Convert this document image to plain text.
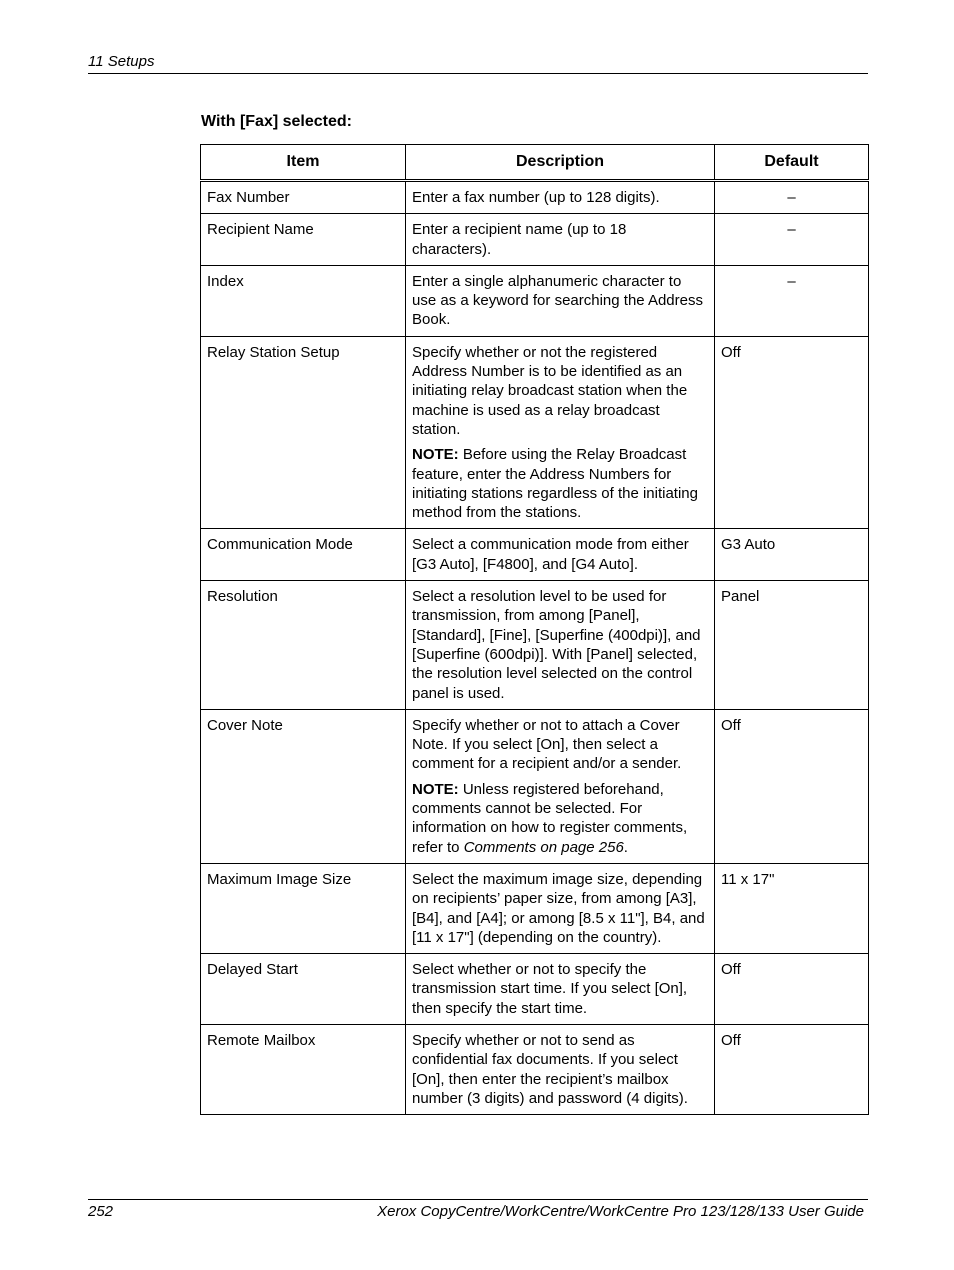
11 Setups
With [Fax] selected:
Item	Description	Default
Fax Number	Enter a fax number (up to 128 digits).	–
Recipient Name	Enter a recipient name (up to 18 characters).	–
Index	Enter a single alphanumeric character to use as a keyword for searching the Address Book.	–
Relay Station Setup	Specify whether or not the registered Address Number is to be identified as an initiating relay broadcast station when the machine is used as a relay broadcast station.

NOTE: Before using the Relay Broadcast feature, enter the Address Numbers for initiating stations regardless of the initiating method from the stations.	Off
Communication Mode	Select a communication mode from either [G3 Auto], [F4800], and [G4 Auto].	G3 Auto
Resolution	Select a resolution level to be used for transmission, from among [Panel], [Standard], [Fine], [Superfine (400dpi)], and [Superfine (600dpi)]. With [Panel] selected, the resolution level selected on the control panel is used.	Panel
Cover Note	Specify whether or not to attach a Cover Note. If you select [On], then select a comment for a recipient and/or a sender.

NOTE: Unless registered beforehand, comments cannot be selected. For information on how to register comments, refer to Comments on page 256.	Off
Maximum Image Size	Select the maximum image size, depending on recipients’ paper size, from among [A3], [B4], and [A4]; or among [8.5 x 11"], B4, and [11 x 17"] (depending on the country).	11 x 17"
Delayed Start	Select whether or not to specify the transmission start time. If you select [On], then specify the start time.	Off
Remote Mailbox	Specify whether or not to send as confidential fax documents. If you select [On], then enter the recipient’s mailbox number (3 digits) and password (4 digits).	Off
252	Xerox CopyCentre/WorkCentre/WorkCentre Pro 123/128/133 User Guide
